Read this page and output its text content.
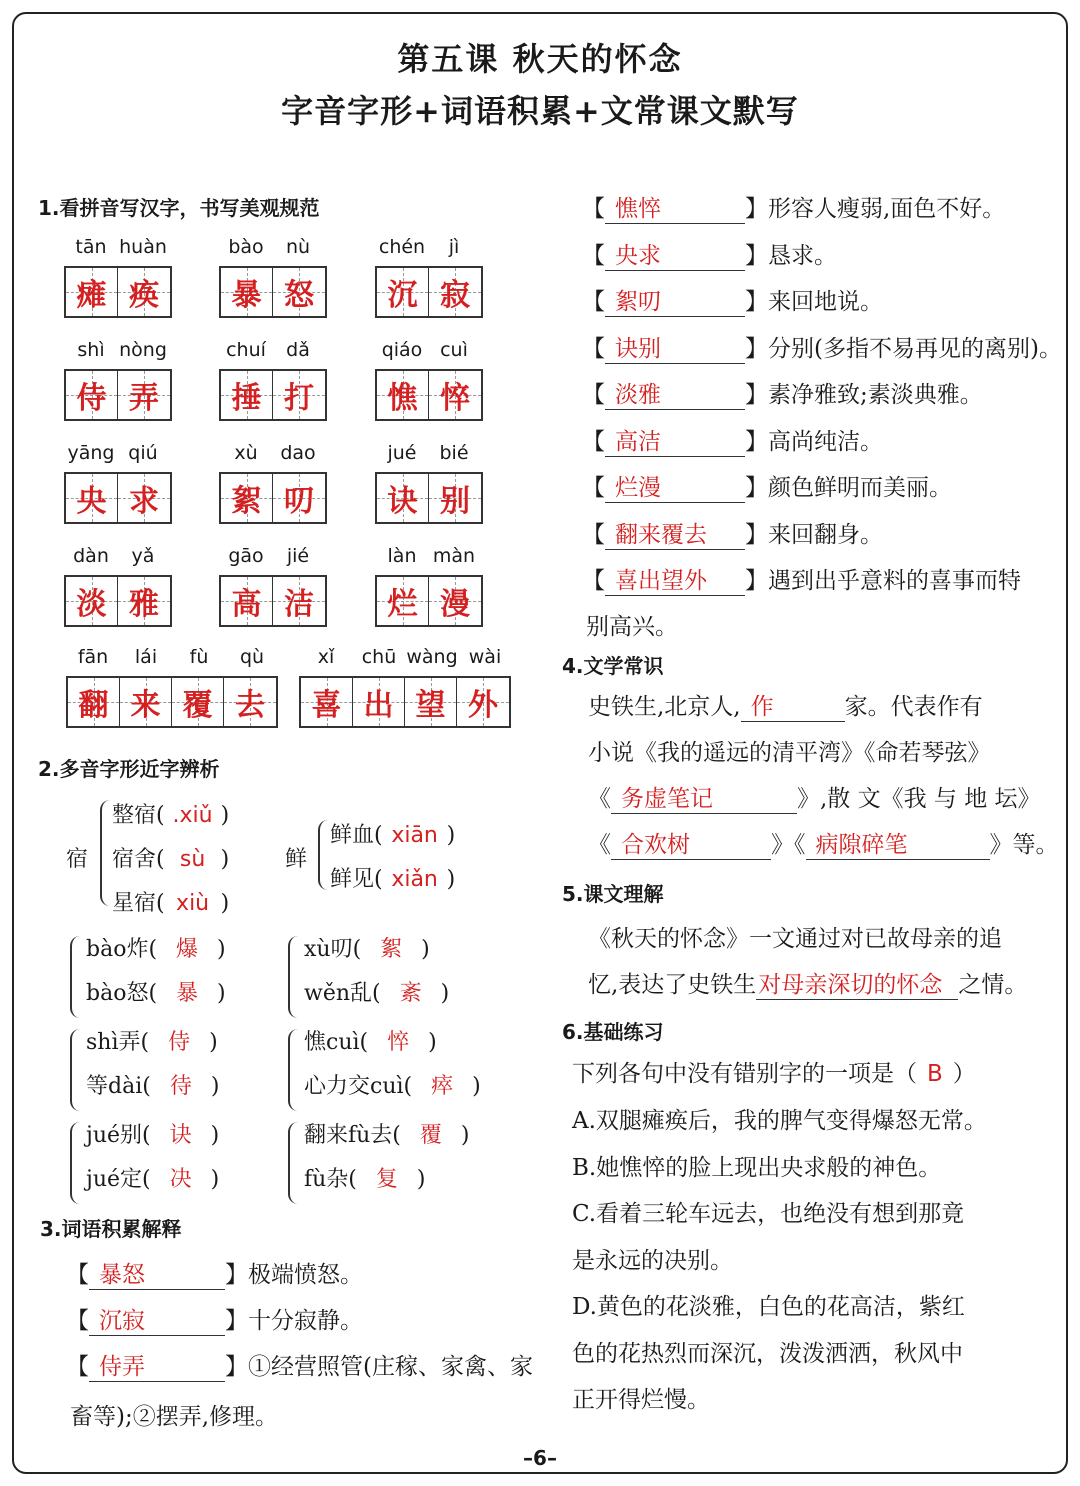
第五课 秋天的怀念
字音字形+词语积累+文常课文默写
1.看拼音写汉字，书写美观规范
tān huàn
瘫 痪
bào	nù
暴 怒
chén	jì
沉 寂
shì nòng
侍 弄
chuí	dǎ
捶 打
qiáo cuì
憔 悴
yāng qiú
央 求
xù	dao
絮 叨
jué	bié
诀 别
dàn	yǎ
淡 雅
gāo	jié
高 洁
làn màn
烂 漫
fān	lái	fù	qù
翻 来 覆 去
xǐ	chū wàng wài
喜 出 望 外
2.多音字形近字辨析
宿
整宿( .xiǔ )
宿舍( sù )
星宿( xiù )
鲜
鲜血( xiān )
鲜见( xiǎn )
bào炸( 爆 )
bào怒( 暴 )
xù叨( 絮 )
wěn乱( 紊 )
shì弄( 侍 )
等dài( 待 )
憔cuì( 悴 )
心力交cuì( 瘁 )
jué别( 诀 )
jué定( 决 )
翻来fù去( 覆 )
fù杂( 复 )
3.词语积累解释
【 暴怒	】极端愤怒。
【 沉寂	】十分寂静。
【 侍弄	】①经营照管(庄稼、家禽、家
【 憔悴	】形容人瘦弱,面色不好。
【 央求	】恳求。
【 絮叨	】来回地说。
【 诀别	】分别(多指不易再见的离别)。
【 淡雅	】素净雅致;素淡典雅。
【 高洁	】高尚纯洁。
【 烂漫	】颜色鲜明而美丽。
【 翻来覆去 】来回翻身。
【 喜出望外 】遇到出乎意料的喜事而特
畜等);②摆弄,修理。
别高兴。
4.文学常识
史铁生,北京人, 作	家。代表作有
小说《我的遥远的清平湾》《命若琴弦》
《 务虚笔记	》,散 文《我 与 地 坛》
《 合欢树	》《 病隙碎笔	》等。
5.课文理解
《秋天的怀念》一文通过对已故母亲的追
忆,表达了史铁生对母亲深切的怀念 之情。
6.基础练习
下列各句中没有错别字的一项是（ B ）
A.双腿瘫痪后，我的脾气变得爆怒无常。
B.她憔悴的脸上现出央求般的神色。
C.看着三轮车远去，也绝没有想到那竟
是永远的决别。
D.黄色的花淡雅，白色的花高洁，紫红
色的花热烈而深沉，泼泼洒洒，秋风中
正开得烂慢。
–6–
